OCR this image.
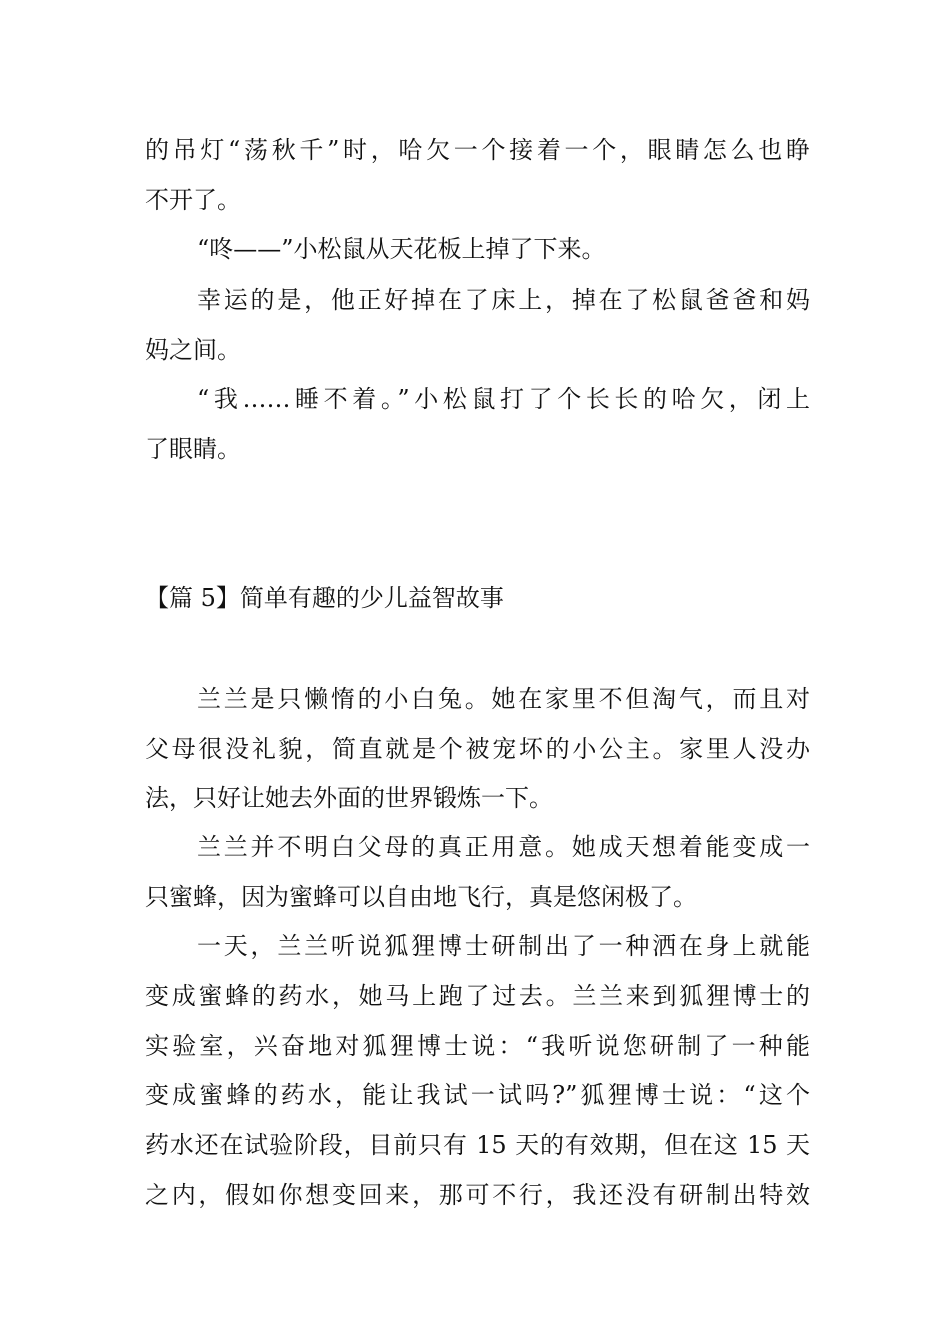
的吊灯“荡秋千”时，哈欠一个接着一个，眼睛怎么也睁
不开了。
“咚——”小松鼠从天花板上掉了下来。
幸运的是，他正好掉在了床上，掉在了松鼠爸爸和妈
妈之间。
“我……睡不着。”小松鼠打了个长长的哈欠，闭上
了眼睛。
【篇 5】简单有趣的少儿益智故事
兰兰是只懒惰的小白兔。她在家里不但淘气，而且对
父母很没礼貌，简直就是个被宠坏的小公主。家里人没办
法，只好让她去外面的世界锻炼一下。
兰兰并不明白父母的真正用意。她成天想着能变成一
只蜜蜂，因为蜜蜂可以自由地飞行，真是悠闲极了。
一天，兰兰听说狐狸博士研制出了一种洒在身上就能
变成蜜蜂的药水，她马上跑了过去。兰兰来到狐狸博士的
实验室，兴奋地对狐狸博士说：“我听说您研制了一种能
变成蜜蜂的药水，能让我试一试吗?”狐狸博士说：“这个
药水还在试验阶段，目前只有 15 天的有效期，但在这 15 天
之内，假如你想变回来，那可不行，我还没有研制出特效
